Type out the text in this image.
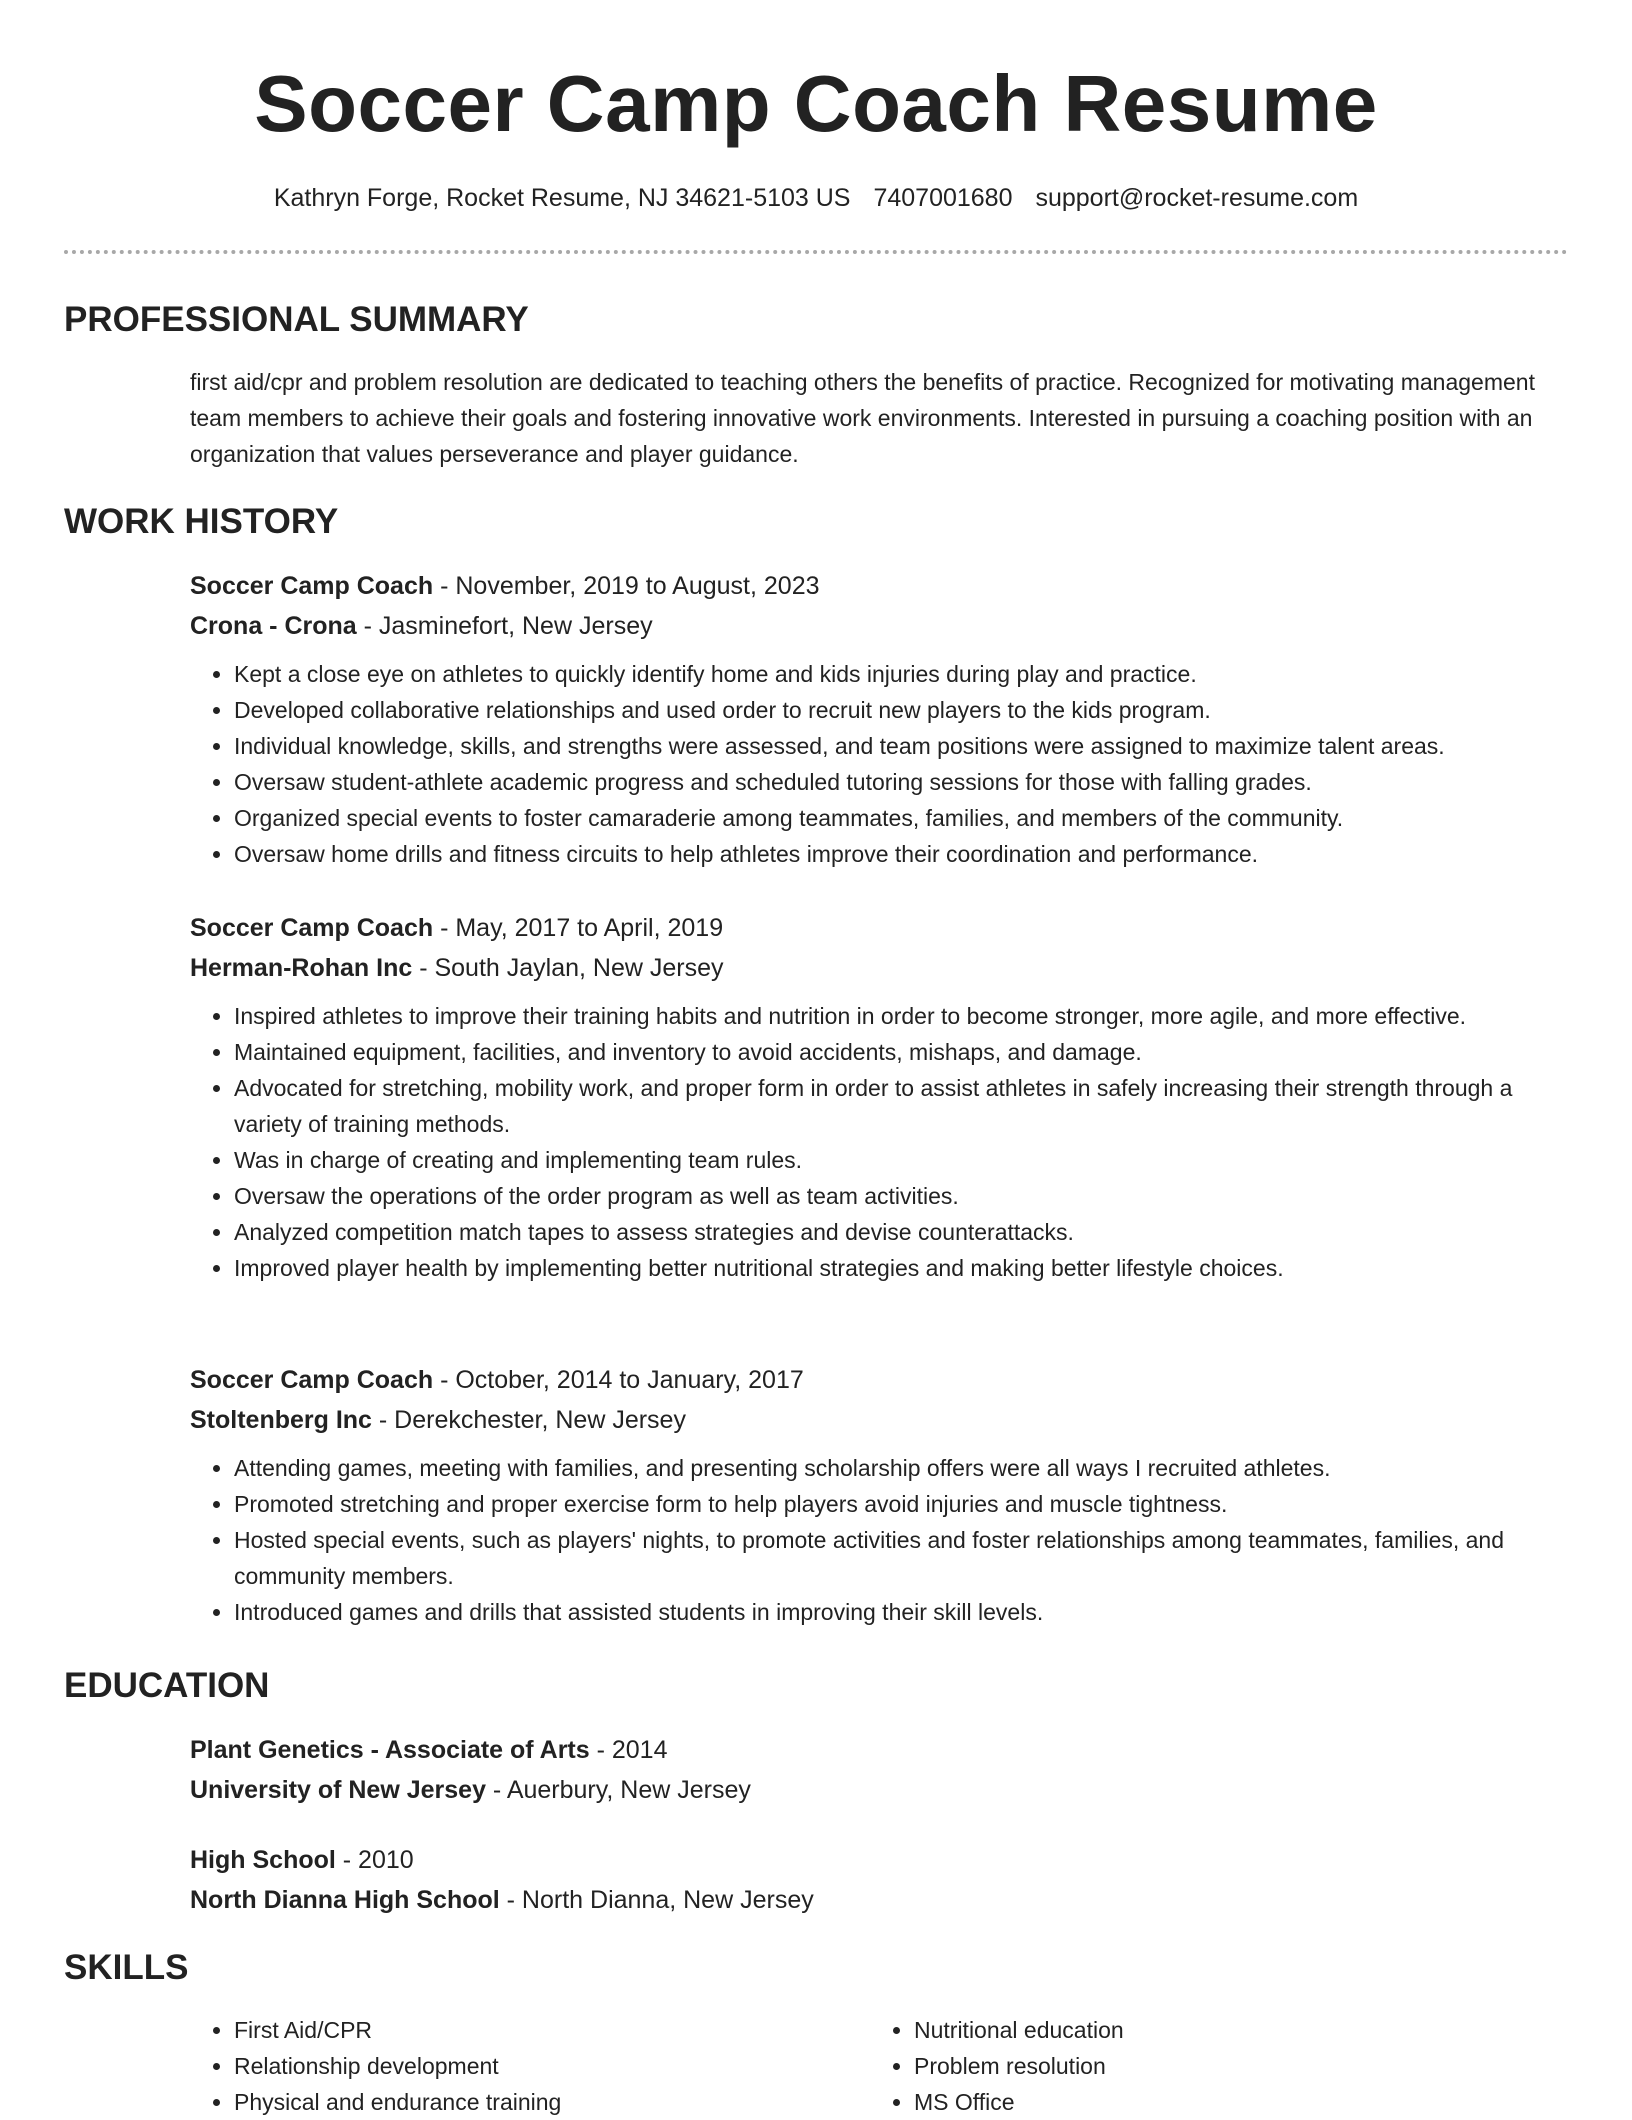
Soccer Camp Coach Resume
Kathryn Forge, Rocket Resume, NJ 34621-5103 US 7407001680 support@rocket-resume.com
PROFESSIONAL SUMMARY
first aid/cpr and problem resolution are dedicated to teaching others the benefits of practice. Recognized for motivating management team members to achieve their goals and fostering innovative work environments. Interested in pursuing a coaching position with an organization that values perseverance and player guidance.
WORK HISTORY
Soccer Camp Coach - November, 2019 to August, 2023
Crona - Crona - Jasminefort, New Jersey
• Kept a close eye on athletes to quickly identify home and kids injuries during play and practice.
• Developed collaborative relationships and used order to recruit new players to the kids program.
• Individual knowledge, skills, and strengths were assessed, and team positions were assigned to maximize talent areas.
• Oversaw student-athlete academic progress and scheduled tutoring sessions for those with falling grades.
• Organized special events to foster camaraderie among teammates, families, and members of the community.
• Oversaw home drills and fitness circuits to help athletes improve their coordination and performance.
Soccer Camp Coach - May, 2017 to April, 2019
Herman-Rohan Inc - South Jaylan, New Jersey
• Inspired athletes to improve their training habits and nutrition in order to become stronger, more agile, and more effective.
• Maintained equipment, facilities, and inventory to avoid accidents, mishaps, and damage.
• Advocated for stretching, mobility work, and proper form in order to assist athletes in safely increasing their strength through a variety of training methods.
• Was in charge of creating and implementing team rules.
• Oversaw the operations of the order program as well as team activities.
• Analyzed competition match tapes to assess strategies and devise counterattacks.
• Improved player health by implementing better nutritional strategies and making better lifestyle choices.
Soccer Camp Coach - October, 2014 to January, 2017
Stoltenberg Inc - Derekchester, New Jersey
• Attending games, meeting with families, and presenting scholarship offers were all ways I recruited athletes.
• Promoted stretching and proper exercise form to help players avoid injuries and muscle tightness.
• Hosted special events, such as players' nights, to promote activities and foster relationships among teammates, families, and community members.
• Introduced games and drills that assisted students in improving their skill levels.
EDUCATION
Plant Genetics - Associate of Arts - 2014
University of New Jersey - Auerbury, New Jersey
High School - 2010
North Dianna High School - North Dianna, New Jersey
SKILLS
• First Aid/CPR
• Relationship development
• Physical and endurance training
• Nutritional education
• Problem resolution
• MS Office
